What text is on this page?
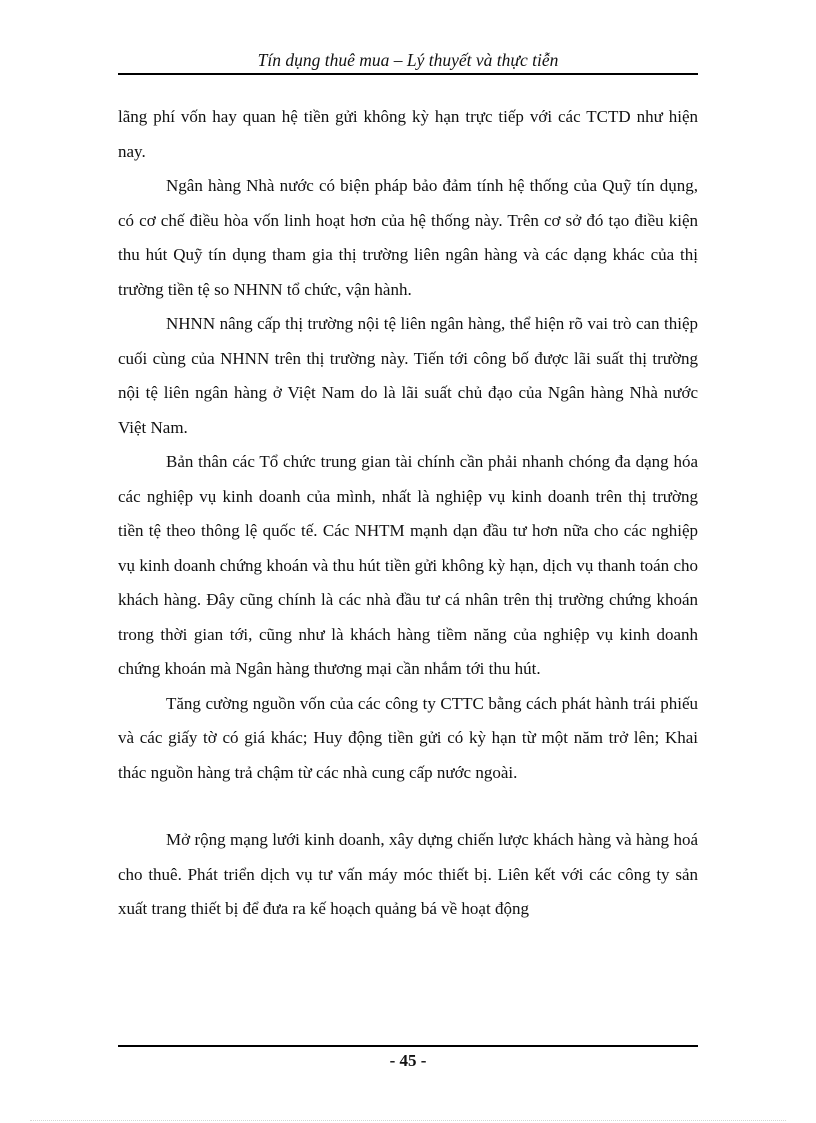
Tín dụng thuê mua – Lý thuyết và thực tiễn

lãng phí vốn hay quan hệ tiền gửi không kỳ hạn trực tiếp với các TCTD như hiện nay.

Ngân hàng Nhà nước có biện pháp bảo đảm tính hệ thống của Quỹ tín dụng, có cơ chế điều hòa vốn linh hoạt hơn của hệ thống này. Trên cơ sở đó tạo điều kiện thu hút Quỹ tín dụng tham gia thị trường liên ngân hàng và các dạng khác của thị trường tiền tệ so NHNN tổ chức, vận hành.

NHNN nâng cấp thị trường nội tệ liên ngân hàng, thể hiện rõ vai trò can thiệp cuối cùng của NHNN trên thị trường này. Tiến tới công bố được lãi suất thị trường nội tệ liên ngân hàng ở Việt Nam do là lãi suất chủ đạo của Ngân hàng Nhà nước Việt Nam.

Bản thân các Tổ chức trung gian tài chính cần phải nhanh chóng đa dạng hóa các nghiệp vụ kinh doanh của mình, nhất là nghiệp vụ kinh doanh trên thị trường tiền tệ theo thông lệ quốc tế. Các NHTM mạnh dạn đầu tư hơn nữa cho các nghiệp vụ kinh doanh chứng khoán và thu hút tiền gửi không kỳ hạn, dịch vụ thanh toán cho khách hàng. Đây cũng chính là các nhà đầu tư cá nhân trên thị trường chứng khoán trong thời gian tới, cũng như là khách hàng tiềm năng của nghiệp vụ kinh doanh chứng khoán mà Ngân hàng thương mại cần nhắm tới thu hút.

Tăng cường nguồn vốn của các công ty CTTC bằng cách phát hành trái phiếu và các giấy tờ có giá khác; Huy động tiền gửi có kỳ hạn từ một năm trở lên; Khai thác nguồn hàng trả chậm từ các nhà cung cấp nước ngoài.

Mở rộng mạng lưới kinh doanh, xây dựng chiến lược khách hàng và hàng hoá cho thuê. Phát triển dịch vụ tư vấn máy móc thiết bị. Liên kết với các công ty sản xuất trang thiết bị để đưa ra kế hoạch quảng bá về hoạt động

- 45 -
